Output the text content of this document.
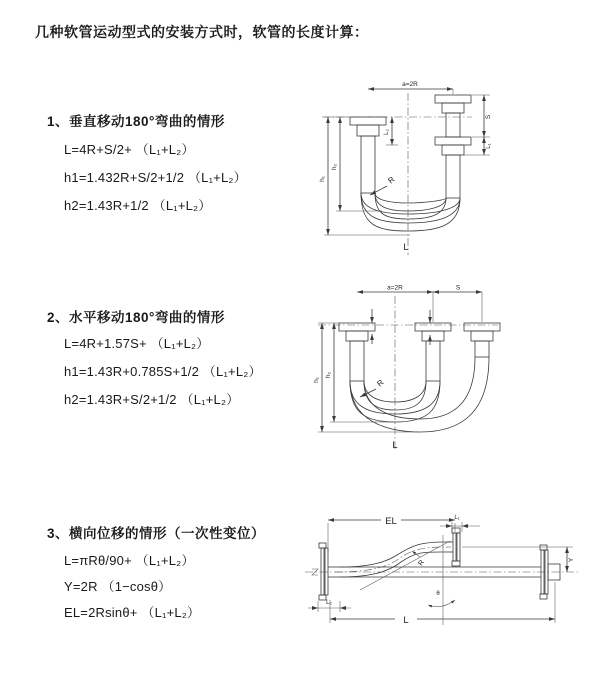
几种软管运动型式的安装方式时，软管的长度计算：
1、垂直移动180°弯曲的情形
L=4R+S/2+ （L₁+L₂）
h1=1.432R+S/2+1/2 （L₁+L₂）
h2=1.43R+1/2 （L₁+L₂）
2、水平移动180°弯曲的情形
L=4R+1.57S+ （L₁+L₂）
h1=1.43R+0.785S+1/2 （L₁+L₂）
h2=1.43R+S/2+1/2 （L₁+L₂）
3、横向位移的情形（一次性变位）
L=πRθ/90+ （L₁+L₂）
Y=2R （1−cosθ）
EL=2Rsinθ+ （L₁+L₂）
a=2R
h₁
h₂
L₂
S
L₁
R
L
a=2R	S
h₁
h₂
R
L
EL	L₁
θ
R	Y
L₂
L
